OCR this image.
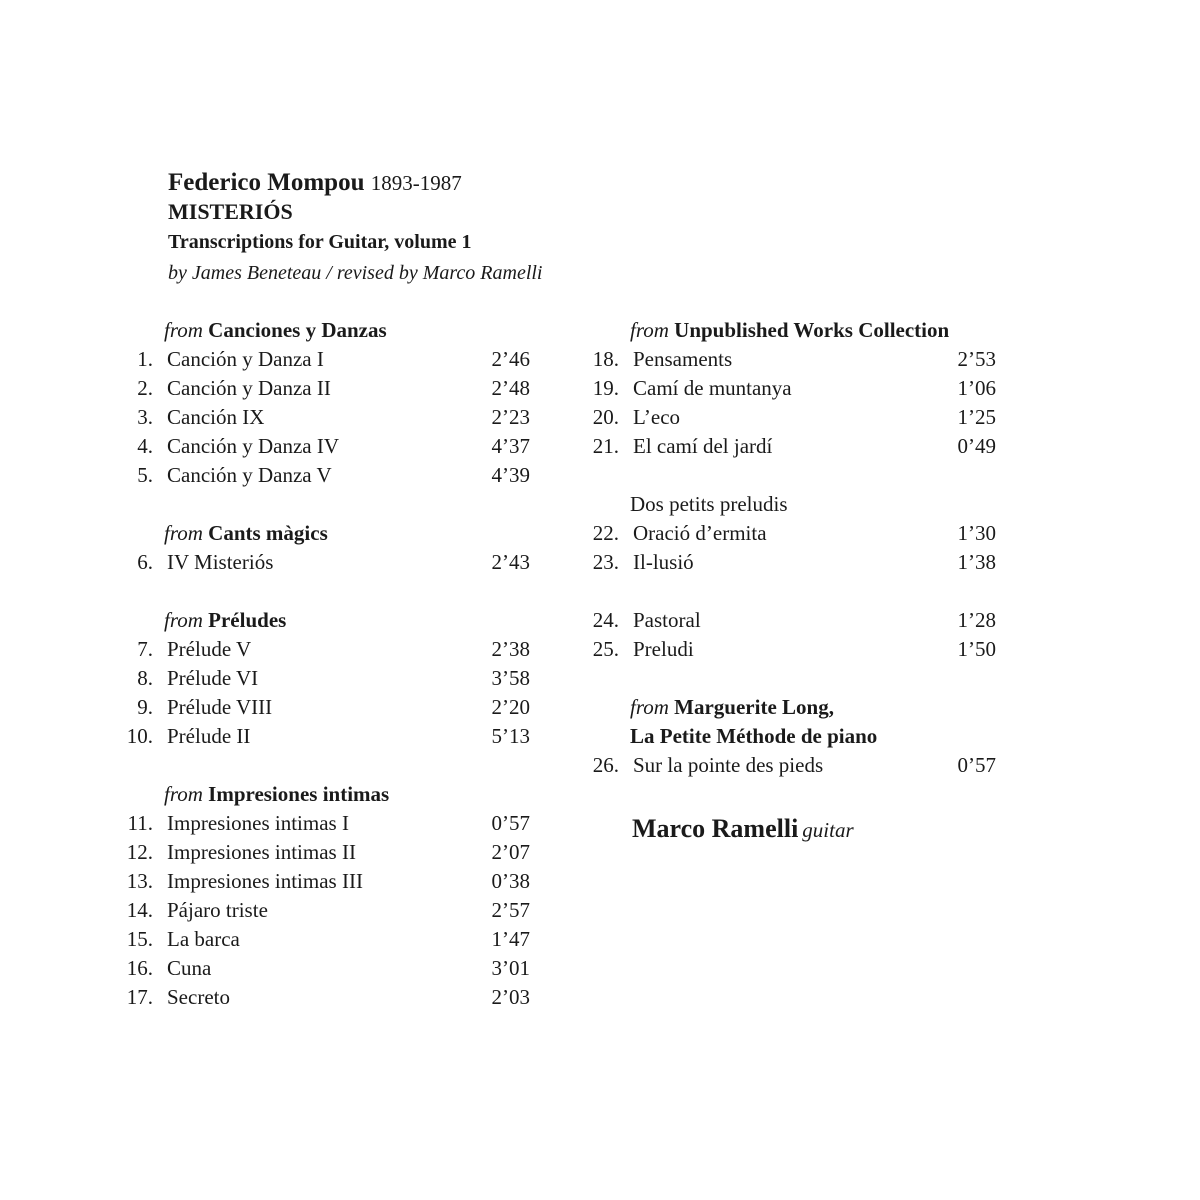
Federico Mompou 1893-1987

MISTERIÓS

Transcriptions for Guitar, volume 1

by James Beneteau / revised by Marco Ramelli

from Canciones y Danzas
1. Canción y Danza I	2’46
2. Canción y Danza II	2’48
3. Canción IX	2’23
4. Canción y Danza IV	4’37
5. Canción y Danza V	4’39
from Cants màgics
6. IV Misteriós	2’43
from Préludes
7. Prélude V	2’38
8. Prélude VI	3’58
9. Prélude VIII	2’20
10. Prélude II	5’13
from Impresiones intimas
11. Impresiones intimas I	0’57
12. Impresiones intimas II	2’07
13. Impresiones intimas III	0’38
14. Pájaro triste	2’57
15. La barca	1’47
16. Cuna	3’01
17. Secreto	2’03
from Unpublished Works Collection
18. Pensaments	2’53
19. Camí de muntanya	1’06
20. L’eco	1’25
21. El camí del jardí	0’49
Dos petits preludis
22. Oració d’ermita	1’30
23. Il-lusió	1’38
24. Pastoral	1’28
25. Preludi	1’50
from Marguerite Long,
La Petite Méthode de piano
26. Sur la pointe des pieds	0’57
Marco Ramelli guitar
